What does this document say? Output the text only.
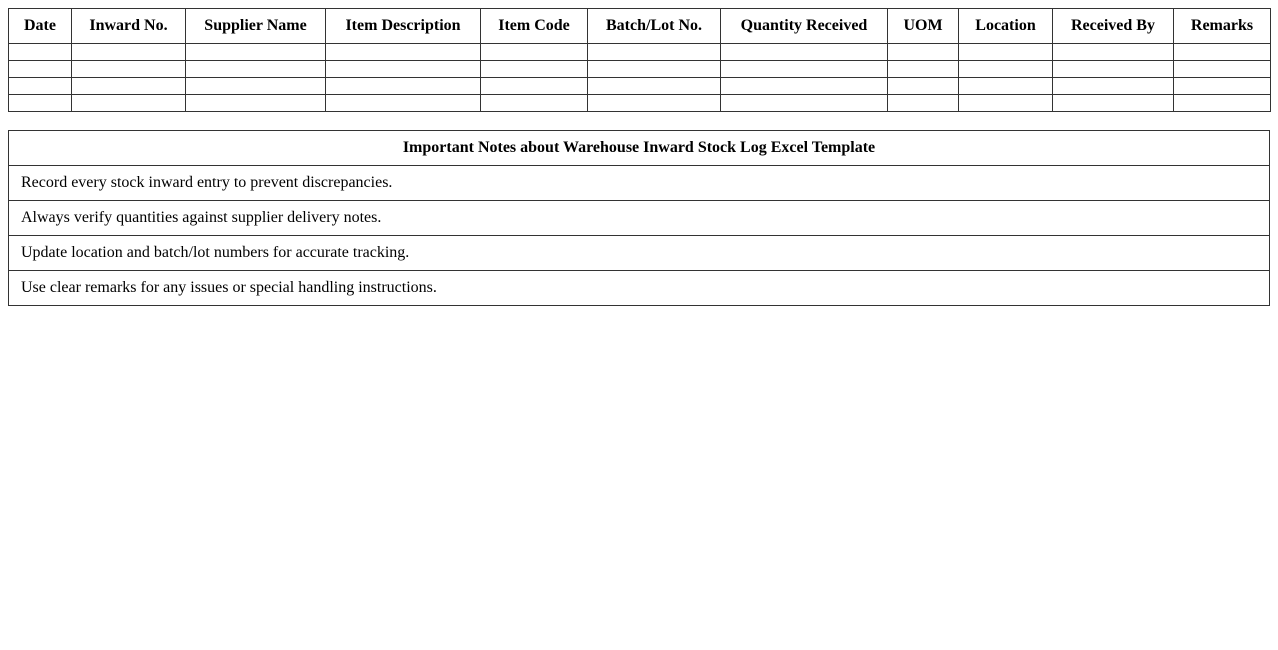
Date	Inward No.	Supplier Name	Item Description	Item Code	Batch/Lot No.	Quantity Received	UOM	Location	Received By	Remarks

Important Notes about Warehouse Inward Stock Log Excel Template
Record every stock inward entry to prevent discrepancies.
Always verify quantities against supplier delivery notes.
Update location and batch/lot numbers for accurate tracking.
Use clear remarks for any issues or special handling instructions.
